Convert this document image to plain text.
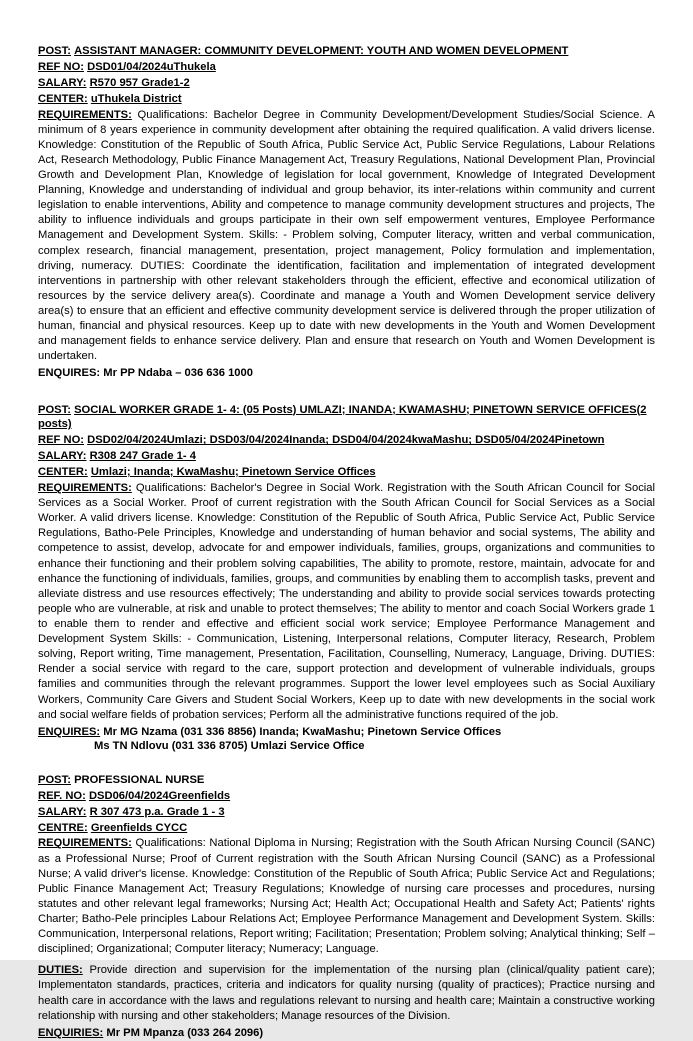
POST: ASSISTANT MANAGER: COMMUNITY DEVELOPMENT: YOUTH AND WOMEN DEVELOPMENT
REF NO: DSD01/04/2024uThukela
SALARY: R570 957 Grade1-2
CENTER: uThukela District
REQUIREMENTS: Qualifications: Bachelor Degree in Community Development/Development Studies/Social Science. A minimum of 8 years experience in community development after obtaining the required qualification. A valid drivers license. Knowledge: Constitution of the Republic of South Africa, Public Service Act, Public Service Regulations, Labour Relations Act, Research Methodology, Public Finance Management Act, Treasury Regulations, National Development Plan, Provincial Growth and Development Plan, Knowledge of legislation for local government, Knowledge of Integrated Development Planning, Knowledge and understanding of individual and group behavior, its inter-relations within community and current legislation to enable interventions, Ability and competence to manage community development structures and projects, The ability to influence individuals and groups participate in their own self empowerment ventures, Employee Performance Management and Development System. Skills: - Problem solving, Computer literacy, written and verbal communication, complex research, financial management, presentation, project management, Policy formulation and implementation, driving, numeracy. DUTIES: Coordinate the identification, facilitation and implementation of integrated development interventions in partnership with other relevant stakeholders through the efficient, effective and economical utilization of resources by the service delivery area(s). Coordinate and manage a Youth and Women Development service delivery area(s) to ensure that an efficient and effective community development service is delivered through the proper utilization of human, financial and physical resources. Keep up to date with new developments in the Youth and Women Development and management fields to enhance service delivery. Plan and ensure that research on Youth and Women Development is undertaken.
ENQUIRES: Mr PP Ndaba – 036 636 1000
POST: SOCIAL WORKER GRADE 1- 4: (05 Posts) UMLAZI; INANDA; KWAMASHU; PINETOWN SERVICE OFFICES(2 posts)
REF NO: DSD02/04/2024Umlazi; DSD03/04/2024Inanda; DSD04/04/2024kwaMashu; DSD05/04/2024Pinetown
SALARY: R308 247 Grade 1- 4
CENTER: Umlazi; Inanda; KwaMashu; Pinetown Service Offices
REQUIREMENTS: Qualifications: Bachelor's Degree in Social Work. Registration with the South African Council for Social Services as a Social Worker. Proof of current registration with the South African Council for Social Services as a Social Worker. A valid drivers license. Knowledge: Constitution of the Republic of South Africa, Public Service Act, Public Service Regulations, Batho-Pele Principles, Knowledge and understanding of human behavior and social systems, The ability and competence to assist, develop, advocate for and empower individuals, families, groups, organizations and communities to enhance their functioning and their problem solving capabilities, The ability to promote, restore, maintain, advocate for and enhance the functioning of individuals, families, groups, and communities by enabling them to accomplish tasks, prevent and alleviate distress and use resources effectively; The understanding and ability to provide social services towards protecting people who are vulnerable, at risk and unable to protect themselves; The ability to mentor and coach Social Workers grade 1 to enable them to render and effective and efficient social work service; Employee Performance Management and Development System Skills: - Communication, Listening, Interpersonal relations, Computer literacy, Research, Problem solving, Report writing, Time management, Presentation, Facilitation, Counselling, Numeracy, Language, Driving. DUTIES: Render a social service with regard to the care, support protection and development of vulnerable individuals, groups families and communities through the relevant programmes. Support the lower level employees such as Social Auxiliary Workers, Community Care Givers and Student Social Workers, Keep up to date with new developments in the social work and social welfare fields of probation services; Perform all the administrative functions required of the job.
ENQUIRES: Mr MG Nzama (031 336 8856) Inanda; KwaMashu; Pinetown Service Offices
Ms TN Ndlovu (031 336 8705) Umlazi Service Office
POST: PROFESSIONAL NURSE
REF. NO: DSD06/04/2024Greenfields
SALARY: R 307 473 p.a. Grade 1 - 3
CENTRE: Greenfields CYCC
REQUIREMENTS: Qualifications: National Diploma in Nursing; Registration with the South African Nursing Council (SANC) as a Professional Nurse; Proof of Current registration with the South African Nursing Council (SANC) as a Professional Nurse; A valid driver's license. Knowledge: Constitution of the Republic of South Africa; Public Service Act and Regulations; Public Finance Management Act; Treasury Regulations; Knowledge of nursing care processes and procedures, nursing statutes and other relevant legal frameworks; Nursing Act; Health Act; Occupational Health and Safety Act; Patients' rights Charter; Batho-Pele principles Labour Relations Act; Employee Performance Management and Development System. Skills: Communication, Interpersonal relations, Report writing; Facilitation; Presentation; Problem solving; Analytical thinking; Self – disciplined; Organizational; Computer literacy; Numeracy; Language.
DUTIES: Provide direction and supervision for the implementation of the nursing plan (clinical/quality patient care); Implementaton standards, practices, criteria and indicators for quality nursing (quality of practices); Practice nursing and health care in accordance with the laws and regulations relevant to nursing and health care; Maintain a constructive working relationship with nursing and other stakeholders; Manage resources of the Division.
ENQUIRIES: Mr PM Mpanza (033 264 2096)
